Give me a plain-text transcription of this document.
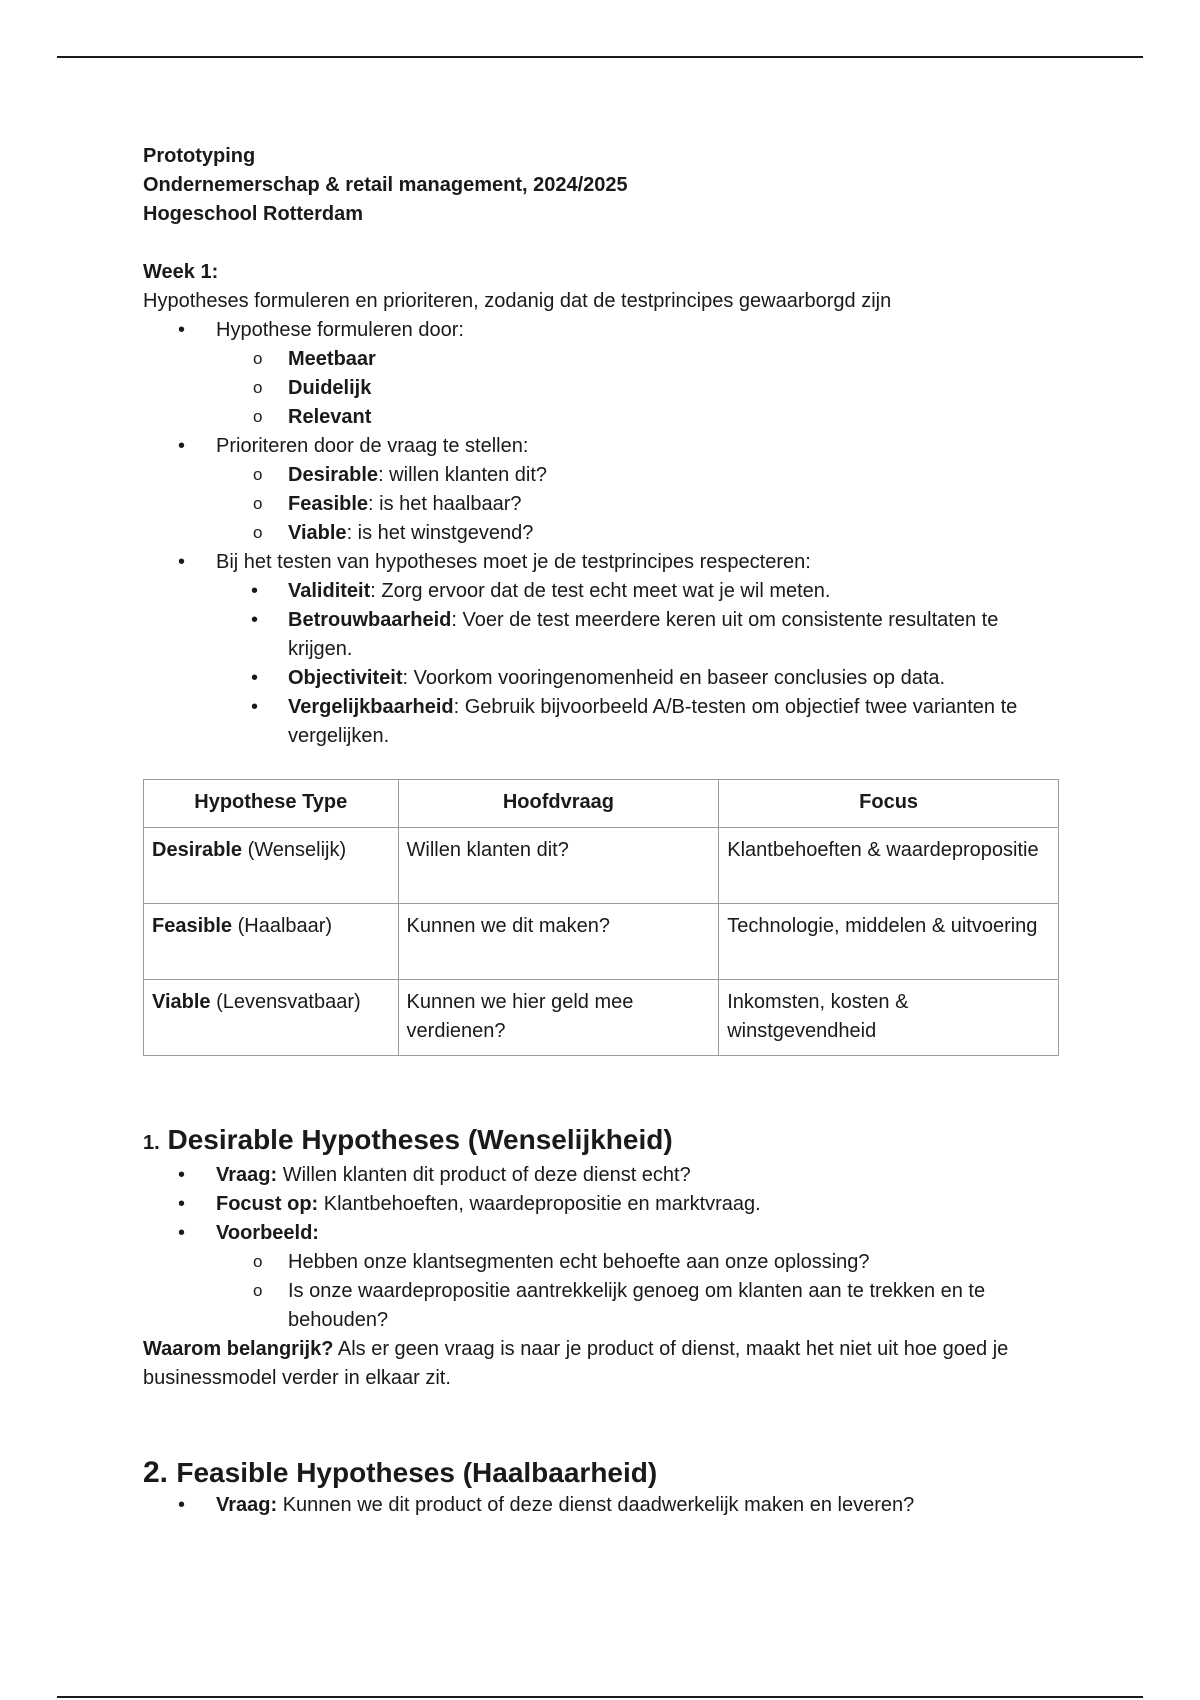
Prototyping

Ondernemerschap & retail management, 2024/2025

Hogeschool Rotterdam

Week 1:

Hypotheses formuleren en prioriteren, zodanig dat de testprincipes gewaarborgd zijn

• Hypothese formuleren door:
o Meetbaar
o Duidelijk
o Relevant
• Prioriteren door de vraag te stellen:
o Desirable: willen klanten dit?
o Feasible: is het haalbaar?
o Viable: is het winstgevend?
• Bij het testen van hypotheses moet je de testprincipes respecteren:
• Validiteit: Zorg ervoor dat de test echt meet wat je wil meten.
• Betrouwbaarheid: Voer de test meerdere keren uit om consistente resultaten te krijgen.
• Objectiviteit: Voorkom vooringenomenheid en baseer conclusies op data.
• Vergelijkbaarheid: Gebruik bijvoorbeeld A/B-testen om objectief twee varianten te vergelijken.
Hypothese Type	Hoofdvraag	Focus
Desirable (Wenselijk)	Willen klanten dit?	Klantbehoeften & waardepropositie
Feasible (Haalbaar)	Kunnen we dit maken?	Technologie, middelen & uitvoering
Viable (Levensvatbaar)	Kunnen we hier geld mee verdienen?	Inkomsten, kosten & winstgevendheid
1. Desirable Hypotheses (Wenselijkheid)
• Vraag: Willen klanten dit product of deze dienst echt?
• Focust op: Klantbehoeften, waardepropositie en marktvraag.
• Voorbeeld:
o Hebben onze klantsegmenten echt behoefte aan onze oplossing?
o Is onze waardepropositie aantrekkelijk genoeg om klanten aan te trekken en te behouden?

Waarom belangrijk? Als er geen vraag is naar je product of dienst, maakt het niet uit hoe goed je businessmodel verder in elkaar zit.

2. Feasible Hypotheses (Haalbaarheid)
• Vraag: Kunnen we dit product of deze dienst daadwerkelijk maken en leveren?
